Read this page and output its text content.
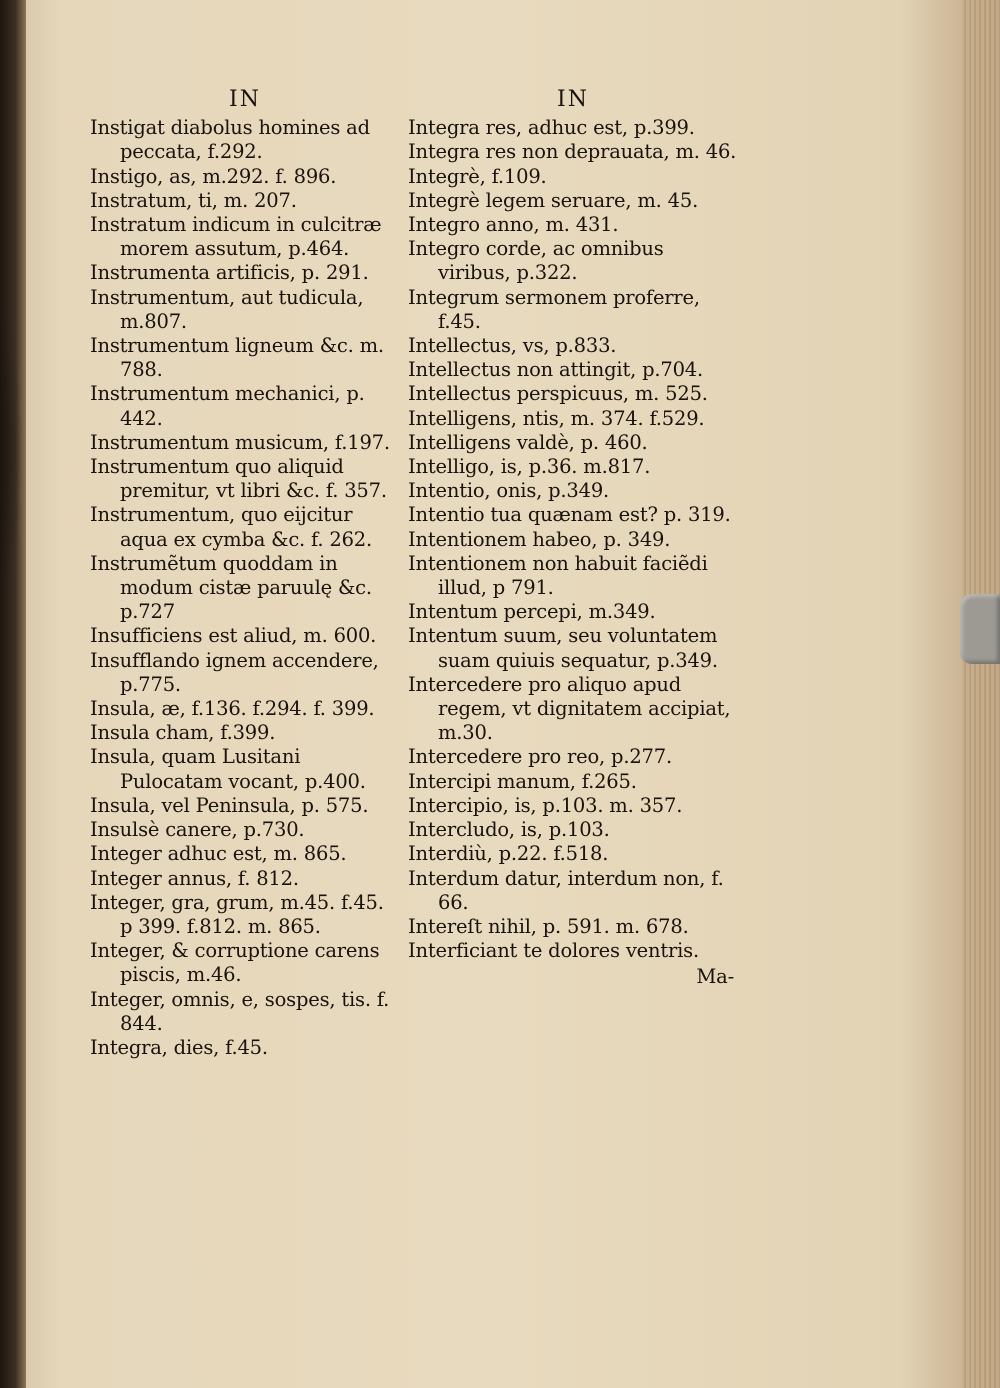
IN
Instigat diabolus homines ad peccata, f.292.
Instigo, as, m.292. f. 896.
Instratum, ti, m. 207.
Instratum indicum in culcitræ morem assutum, p.464.
Instrumenta artificis, p. 291.
Instrumentum, aut tudicula, m.807.
Instrumentum ligneum &c. m. 788.
Instrumentum mechanici, p. 442.
Instrumentum musicum, f.197.
Instrumentum quo aliquid premitur, vt libri &c. f. 357.
Instrumentum, quo eijcitur aqua ex cymba &c. f. 262.
Instrumẽtum quoddam in modum cistæ paruulę &c. p.727
Insufficiens est aliud, m. 600.
Insufflando ignem accendere, p.775.
Insula, æ, f.136. f.294. f. 399.
Insula cham, f.399.
Insula, quam Lusitani Pulocatam vocant, p.400.
Insula, vel Peninsula, p. 575.
Insulsè canere, p.730.
Integer adhuc est, m. 865.
Integer annus, f. 812.
Integer, gra, grum, m.45. f.45. p 399. f.812. m. 865.
Integer, & corruptione carens piscis, m.46.
Integer, omnis, e, sospes, tis. f. 844.
Integra, dies, f.45.
IN
Integra res, adhuc est, p.399.
Integra res non deprauata, m. 46.
Integrè, f.109.
Integrè legem seruare, m. 45.
Integro anno, m. 431.
Integro corde, ac omnibus viribus, p.322.
Integrum sermonem proferre, f.45.
Intellectus, vs, p.833.
Intellectus non attingit, p.704.
Intellectus perspicuus, m. 525.
Intelligens, ntis, m. 374. f.529.
Intelligens valdè, p. 460.
Intelligo, is, p.36. m.817.
Intentio, onis, p.349.
Intentio tua quænam est? p. 319.
Intentionem habeo, p. 349.
Intentionem non habuit faciẽdi illud, p 791.
Intentum percepi, m.349.
Intentum suum, seu voluntatem suam quiuis sequatur, p.349.
Intercedere pro aliquo apud regem, vt dignitatem accipiat, m.30.
Intercedere pro reo, p.277.
Intercipi manum, f.265.
Intercipio, is, p.103. m. 357.
Intercludo, is, p.103.
Interdiù, p.22. f.518.
Interdum datur, interdum non, f. 66.
Intereſt nihil, p. 591. m. 678.
Interficiant te dolores ventris.
Ma-
